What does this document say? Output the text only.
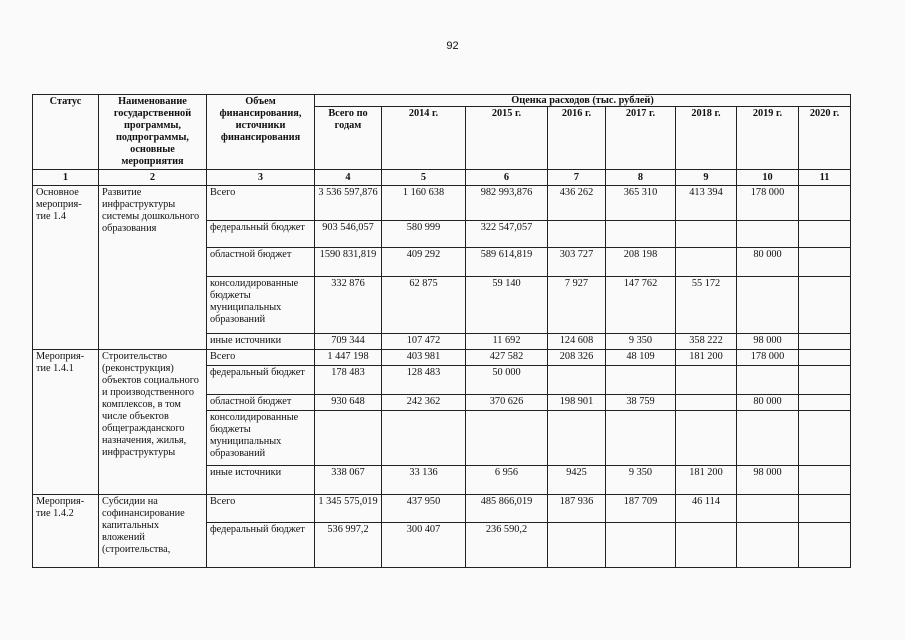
92
Статус	Наименование государственной программы, подпрограммы, основные мероприятия	Объем финансирования, источники финансирования	Оценка расходов (тыс. рублей)							
			Всего по годам	2014 г.	2015 г.	2016 г.	2017 г.	2018 г.	2019 г.	2020 г.
1	2	3	4	5	6	7	8	9	10	11
Основное мероприя-тие 1.4	Развитие инфраструктуры системы дошкольного образования	Всего	3 536 597,876	1 160 638	982 993,876	436 262	365 310	413 394	178 000	
		федеральный бюджет	903 546,057	580 999	322 547,057					
		областной бюджет	1590 831,819	409 292	589 614,819	303 727	208 198		80 000	
		консолидированные бюджеты муниципальных образований	332 876	62 875	59 140	7 927	147 762	55 172		
		иные источники	709 344	107 472	11 692	124 608	9 350	358 222	98 000	
Мероприя-тие 1.4.1	Строительство (реконструкция) объектов социального и производственного комплексов, в том числе объектов общегражданского назначения, жилья, инфраструктуры	Всего	1 447 198	403 981	427 582	208 326	48 109	181 200	178 000	
		федеральный бюджет	178 483	128 483	50 000					
		областной бюджет	930 648	242 362	370 626	198 901	38 759		80 000	
		консолидированные бюджеты муниципальных образований								
		иные источники	338 067	33 136	6 956	9425	9 350	181 200	98 000	
Мероприя-тие 1.4.2	Субсидии на софинансирование капитальных вложений (строительства,	Всего	1 345 575,019	437 950	485 866,019	187 936	187 709	46 114		
		федеральный бюджет	536 997,2	300 407	236 590,2					
